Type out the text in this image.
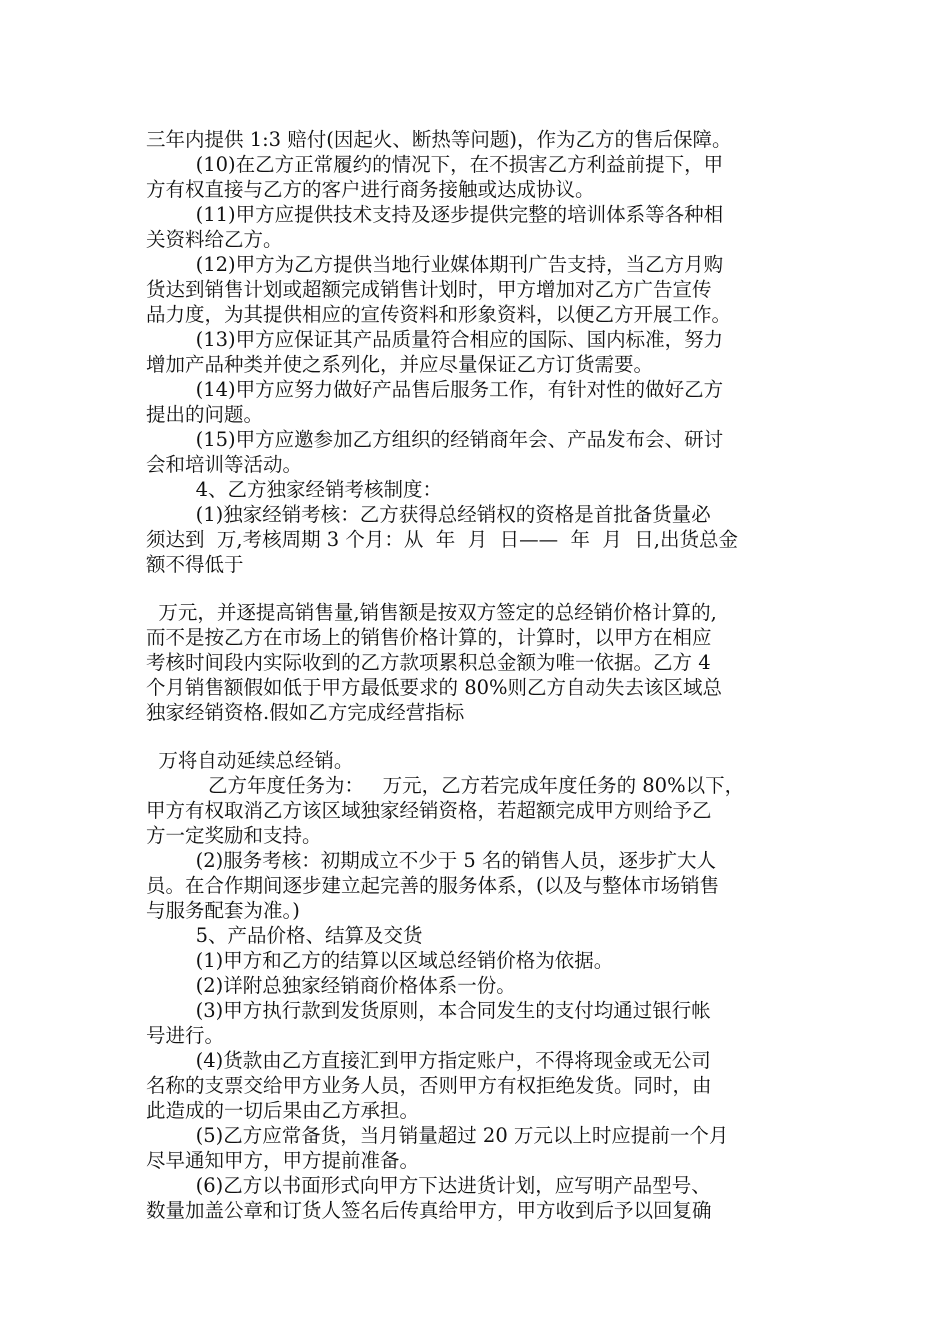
三年内提供 1:3 赔付(因起火、断热等问题)，作为乙方的售后保障。
(10)在乙方正常履约的情况下，在不损害乙方利益前提下，甲
方有权直接与乙方的客户进行商务接触或达成协议。
(11)甲方应提供技术支持及逐步提供完整的培训体系等各种相
关资料给乙方。
(12)甲方为乙方提供当地行业媒体期刊广告支持，当乙方月购
货达到销售计划或超额完成销售计划时，甲方增加对乙方广告宣传
品力度，为其提供相应的宣传资料和形象资料，以便乙方开展工作。
(13)甲方应保证其产品质量符合相应的国际、国内标准，努力
增加产品种类并使之系列化，并应尽量保证乙方订货需要。
(14)甲方应努力做好产品售后服务工作，有针对性的做好乙方
提出的问题。
(15)甲方应邀参加乙方组织的经销商年会、产品发布会、研讨
会和培训等活动。
4、乙方独家经销考核制度：
(1)独家经销考核：乙方获得总经销权的资格是首批备货量必
须达到  万,考核周期 3 个月：从  年  月  日——  年  月  日,出货总金
额不得低于
万元，并逐提高销售量,销售额是按双方签定的总经销价格计算的,
而不是按乙方在市场上的销售价格计算的，计算时，以甲方在相应
考核时间段内实际收到的乙方款项累积总金额为唯一依据。乙方 4
个月销售额假如低于甲方最低要求的 80%则乙方自动失去该区域总
独家经销资格.假如乙方完成经营指标
万将自动延续总经销。
乙方年度任务为：   万元，乙方若完成年度任务的 80%以下，
甲方有权取消乙方该区域独家经销资格，若超额完成甲方则给予乙
方一定奖励和支持。
(2)服务考核：初期成立不少于 5 名的销售人员，逐步扩大人
员。在合作期间逐步建立起完善的服务体系，(以及与整体市场销售
与服务配套为准。)
5、产品价格、结算及交货
(1)甲方和乙方的结算以区域总经销价格为依据。
(2)详附总独家经销商价格体系一份。
(3)甲方执行款到发货原则，本合同发生的支付均通过银行帐
号进行。
(4)货款由乙方直接汇到甲方指定账户，不得将现金或无公司
名称的支票交给甲方业务人员，否则甲方有权拒绝发货。同时，由
此造成的一切后果由乙方承担。
(5)乙方应常备货，当月销量超过 20 万元以上时应提前一个月
尽早通知甲方，甲方提前准备。
(6)乙方以书面形式向甲方下达进货计划，应写明产品型号、
数量加盖公章和订货人签名后传真给甲方，甲方收到后予以回复确
